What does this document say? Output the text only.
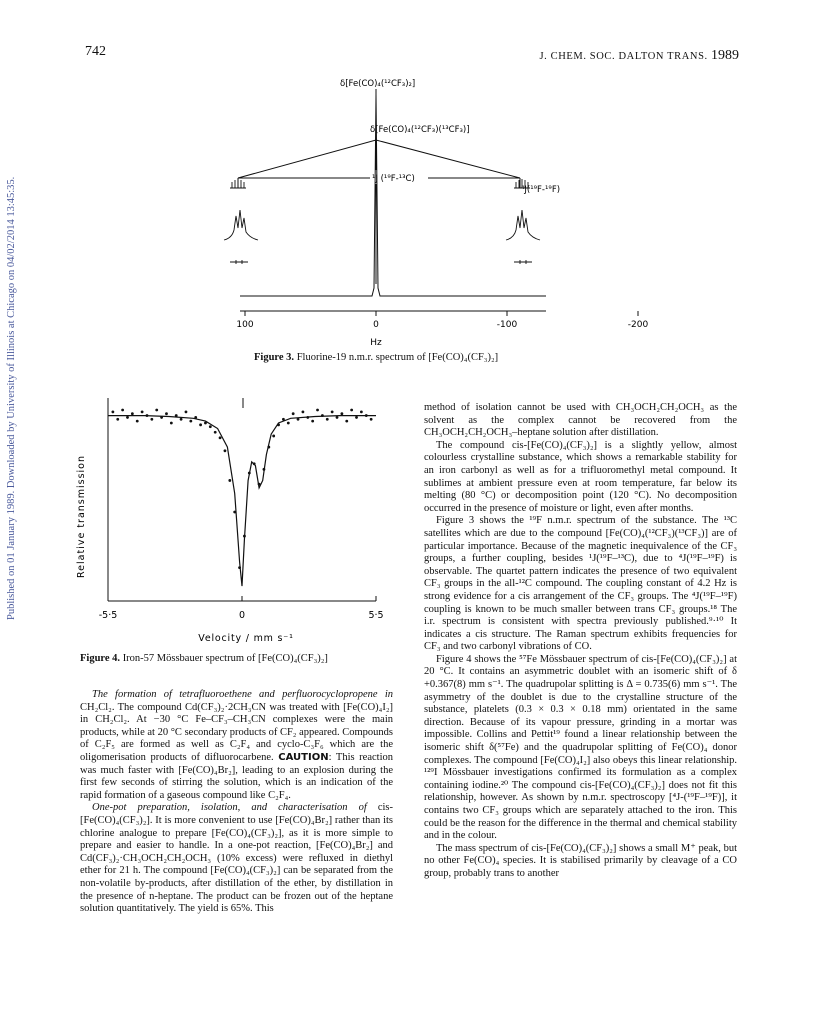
742	J. CHEM. SOC. DALTON TRANS. 1989
Published on 01 January 1989. Downloaded by University of Illinois at Chicago on 04/02/2014 13:45:35.
δ[Fe(CO)₄(¹²CF₃)₂]
δ[Fe(CO)₄(¹²CF₃)(¹³CF₃)]
¹J (¹⁹F-¹³C)
⁴J(¹⁹F-¹⁹F)
100	0	-100	-200
Hz
Figure 3. Fluorine-19 n.m.r. spectrum of [Fe(CO)₄(CF₃)₂]
Relative transmission
-5·5	0	5·5
Velocity / mm s⁻¹
Figure 4. Iron-57 Mössbauer spectrum of [Fe(CO)₄(CF₃)₂]

The formation of tetrafluoroethene and perfluorocyclopropene in CH₂Cl₂. The compound Cd(CF₃)₂·2CH₃CN was treated with [Fe(CO)₄I₂] in CH₂Cl₂. At −30 °C Fe–CF₃–CH₃CN complexes were the main products, while at 20 °C secondary products of CF₂ appeared. Compounds of C₂F₅ are formed as well as C₂F₄ and cyclo-C₃F₆ which are the oligomerisation products of difluorocarbene. CAUTION: This reaction was much faster with [Fe(CO)₄Br₂], leading to an explosion during the first few seconds of stirring the solution, which is an indication of the rapid formation of a gaseous compound like C₂F₄.

One-pot preparation, isolation, and characterisation of cis-[Fe(CO)₄(CF₃)₂]. It is more convenient to use [Fe(CO)₄Br₂] rather than its chlorine analogue to prepare [Fe(CO)₄(CF₃)₂], as it is more simple to prepare and easier to handle. In a one-pot reaction, [Fe(CO)₄Br₂] and Cd(CF₃)₂·CH₃OCH₂CH₂OCH₃ (10% excess) were refluxed in diethyl ether for 21 h. The compound [Fe(CO)₄(CF₃)₂] can be separated from the non-volatile by-products, after distillation of the ether, by distillation in the presence of n-heptane. The product can be frozen out of the heptane solution quantitatively. The yield is 65%. This

method of isolation cannot be used with CH₃OCH₂CH₂OCH₃ as the solvent as the complex cannot be recovered from the CH₃OCH₂CH₂OCH₃–heptane solution after distillation.

The compound cis-[Fe(CO)₄(CF₃)₂] is a slightly yellow, almost colourless crystalline substance, which shows a remarkable stability for an iron carbonyl as well as for a trifluoromethyl metal compound. It sublimes at ambient pressure even at room temperature, far below its melting (80 °C) or decomposition point (120 °C). No decomposition occurred in the presence of moisture or light, even after months.

Figure 3 shows the ¹⁹F n.m.r. spectrum of the substance. The ¹³C satellites which are due to the compound [Fe(CO)₄(¹²CF₃)(¹³CF₃)] are of particular importance. Because of the magnetic inequivalence of the CF₃ groups, a further coupling, besides ¹J(¹⁹F–¹³C), due to ⁴J(¹⁹F–¹⁹F) is observable. The quartet pattern indicates the presence of two equivalent CF₃ groups in the all-¹²C compound. The coupling constant of 4.2 Hz is strong evidence for a cis arrangement of the CF₃ groups. The ⁴J(¹⁹F–¹⁹F) coupling is known to be much smaller between trans CF₃ groups.¹⁸ The i.r. spectrum is consistent with spectra previously published.⁹·¹⁰ It indicates a cis structure. The Raman spectrum exhibits frequencies for CF₃ and two carbonyl vibrations of CO.

Figure 4 shows the ⁵⁷Fe Mössbauer spectrum of cis-[Fe(CO)₄(CF₃)₂] at 20 °C. It contains an asymmetric doublet with an isomeric shift of δ +0.367(8) mm s⁻¹. The quadrupolar splitting is Δ = 0.735(6) mm s⁻¹. The asymmetry of the doublet is due to the crystalline structure of the substance, platelets (0.3 × 0.3 × 0.18 mm) orientated in the same direction. Because of its vapour pressure, grinding in a mortar was impossible. Collins and Pettit¹⁹ found a linear relationship between the isomeric shift δ(⁵⁷Fe) and the quadrupolar splitting of Fe(CO)₄ donor complexes. The compound [Fe(CO)₄I₂] also obeys this linear relationship. ¹²⁹I Mössbauer investigations confirmed its formulation as a complex containing iodine.²⁰ The compound cis-[Fe(CO)₄(CF₃)₂] does not fit this relationship, however. As shown by n.m.r. spectroscopy [⁴J-(¹⁹F–¹⁹F)], it contains two CF₃ groups which are separately attached to the iron. This could be the reason for the difference in the thermal and chemical stability and in the colour.

The mass spectrum of cis-[Fe(CO)₄(CF₃)₂] shows a small M⁺ peak, but no other Fe(CO)₄ species. It is stabilised primarily by cleavage of a CO group, probably trans to another
